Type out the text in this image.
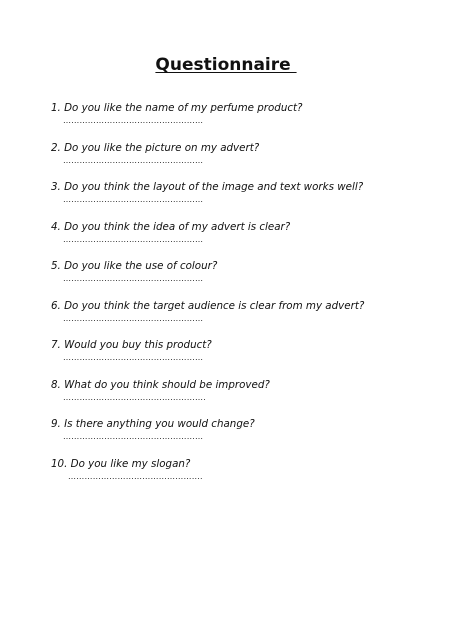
Questionnaire
1. Do you like the name of my perfume product?
……………………………………………
2. Do you like the picture on my advert?
……………………………………………
3. Do you think the layout of the image and text works well?
……………………………………………
4. Do you think the idea of my advert is clear?
……………………………………………
5. Do you like the use of colour?
……………………………………………
6. Do you think the target audience is clear from my advert?
……………………………………………
7. Would you buy this product?
……………………………………………
8. What do you think should be improved?
…………………………………………….
9. Is there anything you would change?
……………………………………………
10. Do you like my slogan?
………………………………………….
